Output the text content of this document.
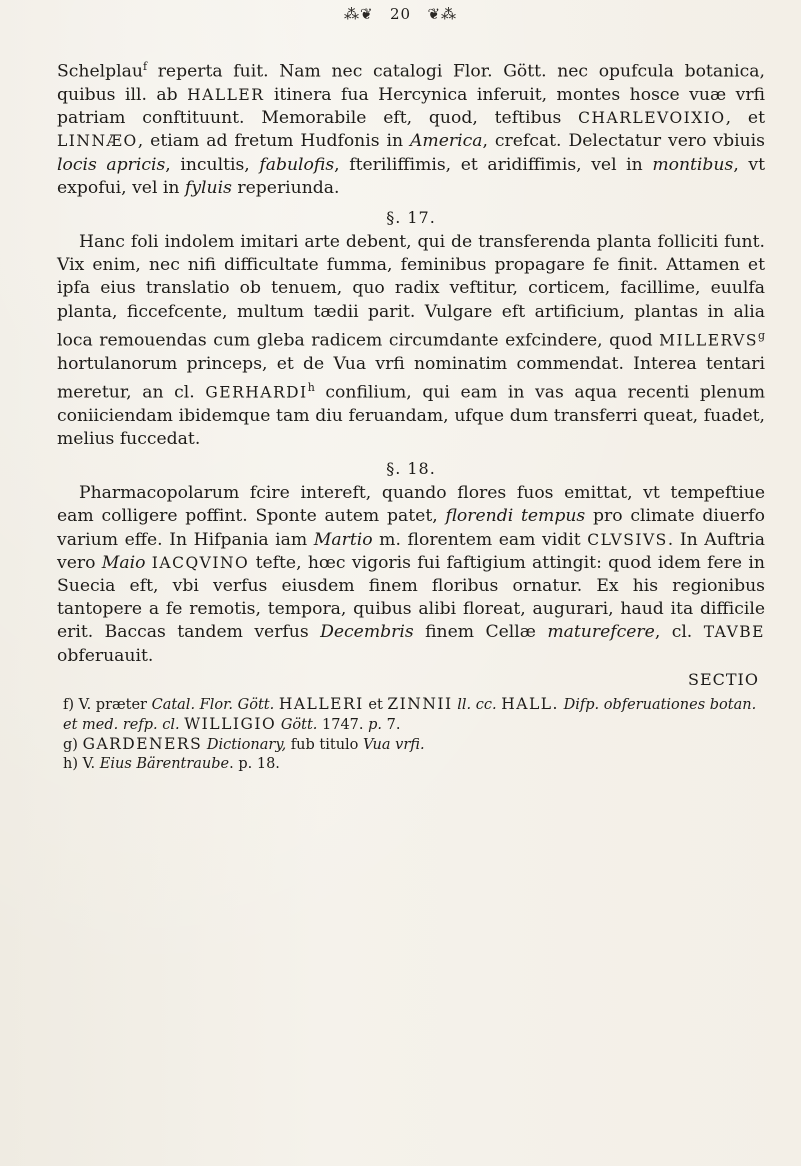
⁂❦ 20 ❦⁂

Schelplau$^f$ reperta fuit. Nam nec catalogi Flor. Gött. nec opufcula botanica, quibus ill. ab HALLER itinera fua Hercynica inferuit, montes hosce vuæ vrfi patriam conftituunt. Memorabile eft, quod, teftibus CHARLEVOIXIO, et LINNÆO, etiam ad fretum Hudfonis in America, crefcat. Delectatur vero vbiuis locis apricis, incultis, fabulofis, fteriliffimis, et aridiffimis, vel in montibus, vt expofui, vel in fyluis reperiunda.

§. 17.

Hanc foli indolem imitari arte debent, qui de transferenda planta folliciti funt. Vix enim, nec nifi difficultate fumma, feminibus propagare fe finit. Attamen et ipfa eius translatio ob tenuem, quo radix veftitur, corticem, facillime, euulfa planta, ficcefcente, multum tædii parit. Vulgare eft artificium, plantas in alia loca remouendas cum gleba radicem circumdante exfcindere, quod MILLERVS$^g$ hortulanorum princeps, et de Vua vrfi nominatim commendat. Interea tentari meretur, an cl. GERHARDI$^h$ confilium, qui eam in vas aqua recenti plenum coniiciendam ibidemque tam diu feruandam, ufque dum transferri queat, fuadet, melius fuccedat.

§. 18.

Pharmacopolarum fcire intereft, quando flores fuos emittat, vt tempeftiue eam colligere poffint. Sponte autem patet, florendi tempus pro climate diuerfo varium effe. In Hifpania iam Martio m. florentem eam vidit CLVSIVS. In Auftria vero Maio IACQVINO tefte, hœc vigoris fui faftigium attingit: quod idem fere in Suecia eft, vbi verfus eiusdem finem floribus ornatur. Ex his regionibus tantopere a fe remotis, tempora, quibus alibi floreat, augurari, haud ita difficile erit. Baccas tandem verfus Decembris finem Cellæ maturefcere, cl. TAVBE obferuauit.

SECTIO
f) V. præter Catal. Flor. Gött. HALLERI et ZINNII ll. cc. HALL. Difp. obferuationes botan. et med. refp. cl. WILLIGIO Gött. 1747. p. 7.
g) GARDENERS Dictionary, fub titulo Vua vrfi.
h) V. Eius Bärentraube. p. 18.
